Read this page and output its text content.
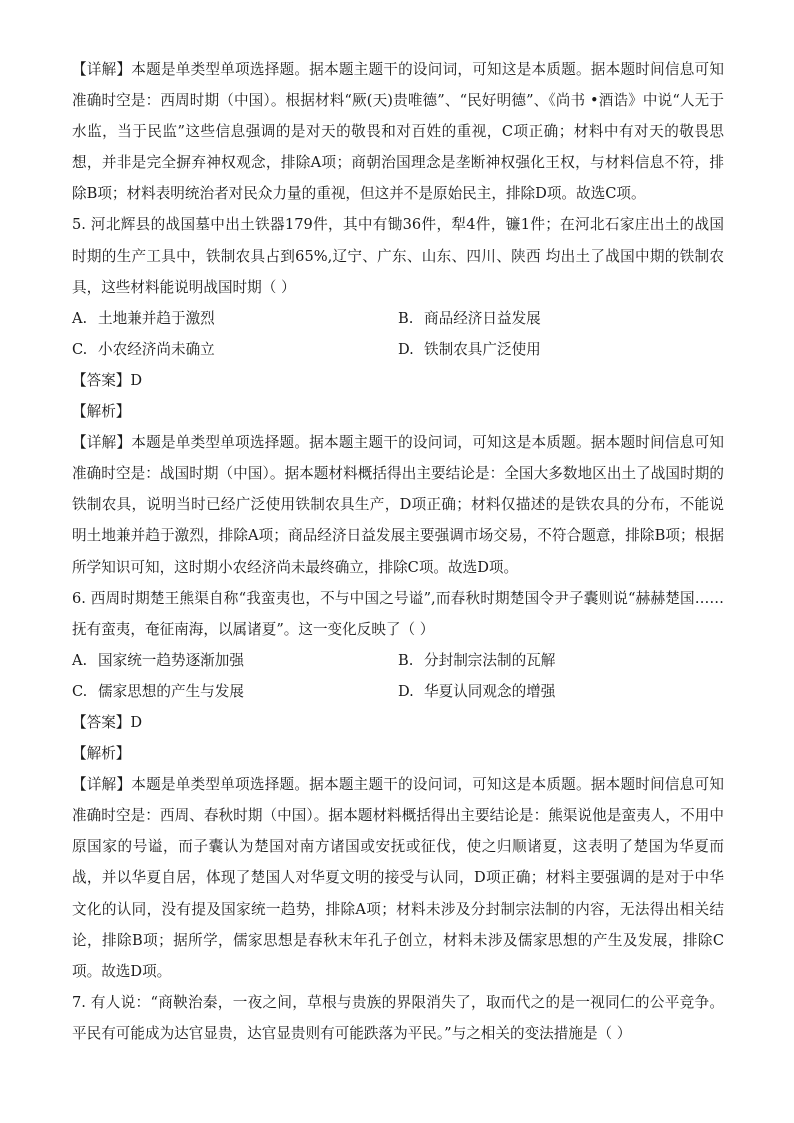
【详解】本题是单类型单项选择题。据本题主题干的设问词，可知这是本质题。据本题时间信息可知准确时空是：西周时期（中国）。根据材料“厥(天)贵唯德”、“民好明德”、《尚书 •酒诰》中说“人无于水监，当于民监”这些信息强调的是对天的敬畏和对百姓的重视，C项正确；材料中有对天的敬畏思想，并非是完全摒弃神权观念，排除A项；商朝治国理念是垄断神权强化王权，与材料信息不符，排除B项；材料表明统治者对民众力量的重视，但这并不是原始民主，排除D项。故选C项。

5. 河北辉县的战国墓中出土铁器179件，其中有锄36件，犁4件，镰1件；在河北石家庄出土的战国时期的生产工具中，铁制农具占到65%,辽宁、广东、山东、四川、陕西 均出土了战国中期的铁制农具，这些材料能说明战国时期（ ）

A. 土地兼并趋于激烈	B. 商品经济日益发展

C. 小农经济尚未确立	D. 铁制农具广泛使用

【答案】D

【解析】

【详解】本题是单类型单项选择题。据本题主题干的设问词，可知这是本质题。据本题时间信息可知准确时空是：战国时期（中国）。据本题材料概括得出主要结论是：全国大多数地区出土了战国时期的铁制农具，说明当时已经广泛使用铁制农具生产，D项正确；材料仅描述的是铁农具的分布，不能说明土地兼并趋于激烈，排除A项；商品经济日益发展主要强调市场交易，不符合题意，排除B项；根据所学知识可知，这时期小农经济尚未最终确立，排除C项。故选D项。

6. 西周时期楚王熊渠自称“我蛮夷也，不与中国之号谥”,而春秋时期楚国令尹子囊则说“赫赫楚国……抚有蛮夷，奄征南海，以属诸夏”。这一变化反映了（ ）

A. 国家统一趋势逐渐加强	B. 分封制宗法制的瓦解

C. 儒家思想的产生与发展	D. 华夏认同观念的增强

【答案】D

【解析】

【详解】本题是单类型单项选择题。据本题主题干的设问词，可知这是本质题。据本题时间信息可知准确时空是：西周、春秋时期（中国）。据本题材料概括得出主要结论是：熊渠说他是蛮夷人，不用中原国家的号谥，而子囊认为楚国对南方诸国或安抚或征伐，使之归顺诸夏，这表明了楚国为华夏而战，并以华夏自居，体现了楚国人对华夏文明的接受与认同，D项正确；材料主要强调的是对于中华文化的认同，没有提及国家统一趋势，排除A项；材料未涉及分封制宗法制的内容，无法得出相关结论，排除B项；据所学，儒家思想是春秋末年孔子创立，材料未涉及儒家思想的产生及发展，排除C项。故选D项。

7. 有人说：“商鞅治秦，一夜之间，草根与贵族的界限消失了，取而代之的是一视同仁的公平竞争。平民有可能成为达官显贵，达官显贵则有可能跌落为平民。”与之相关的变法措施是（ ）
